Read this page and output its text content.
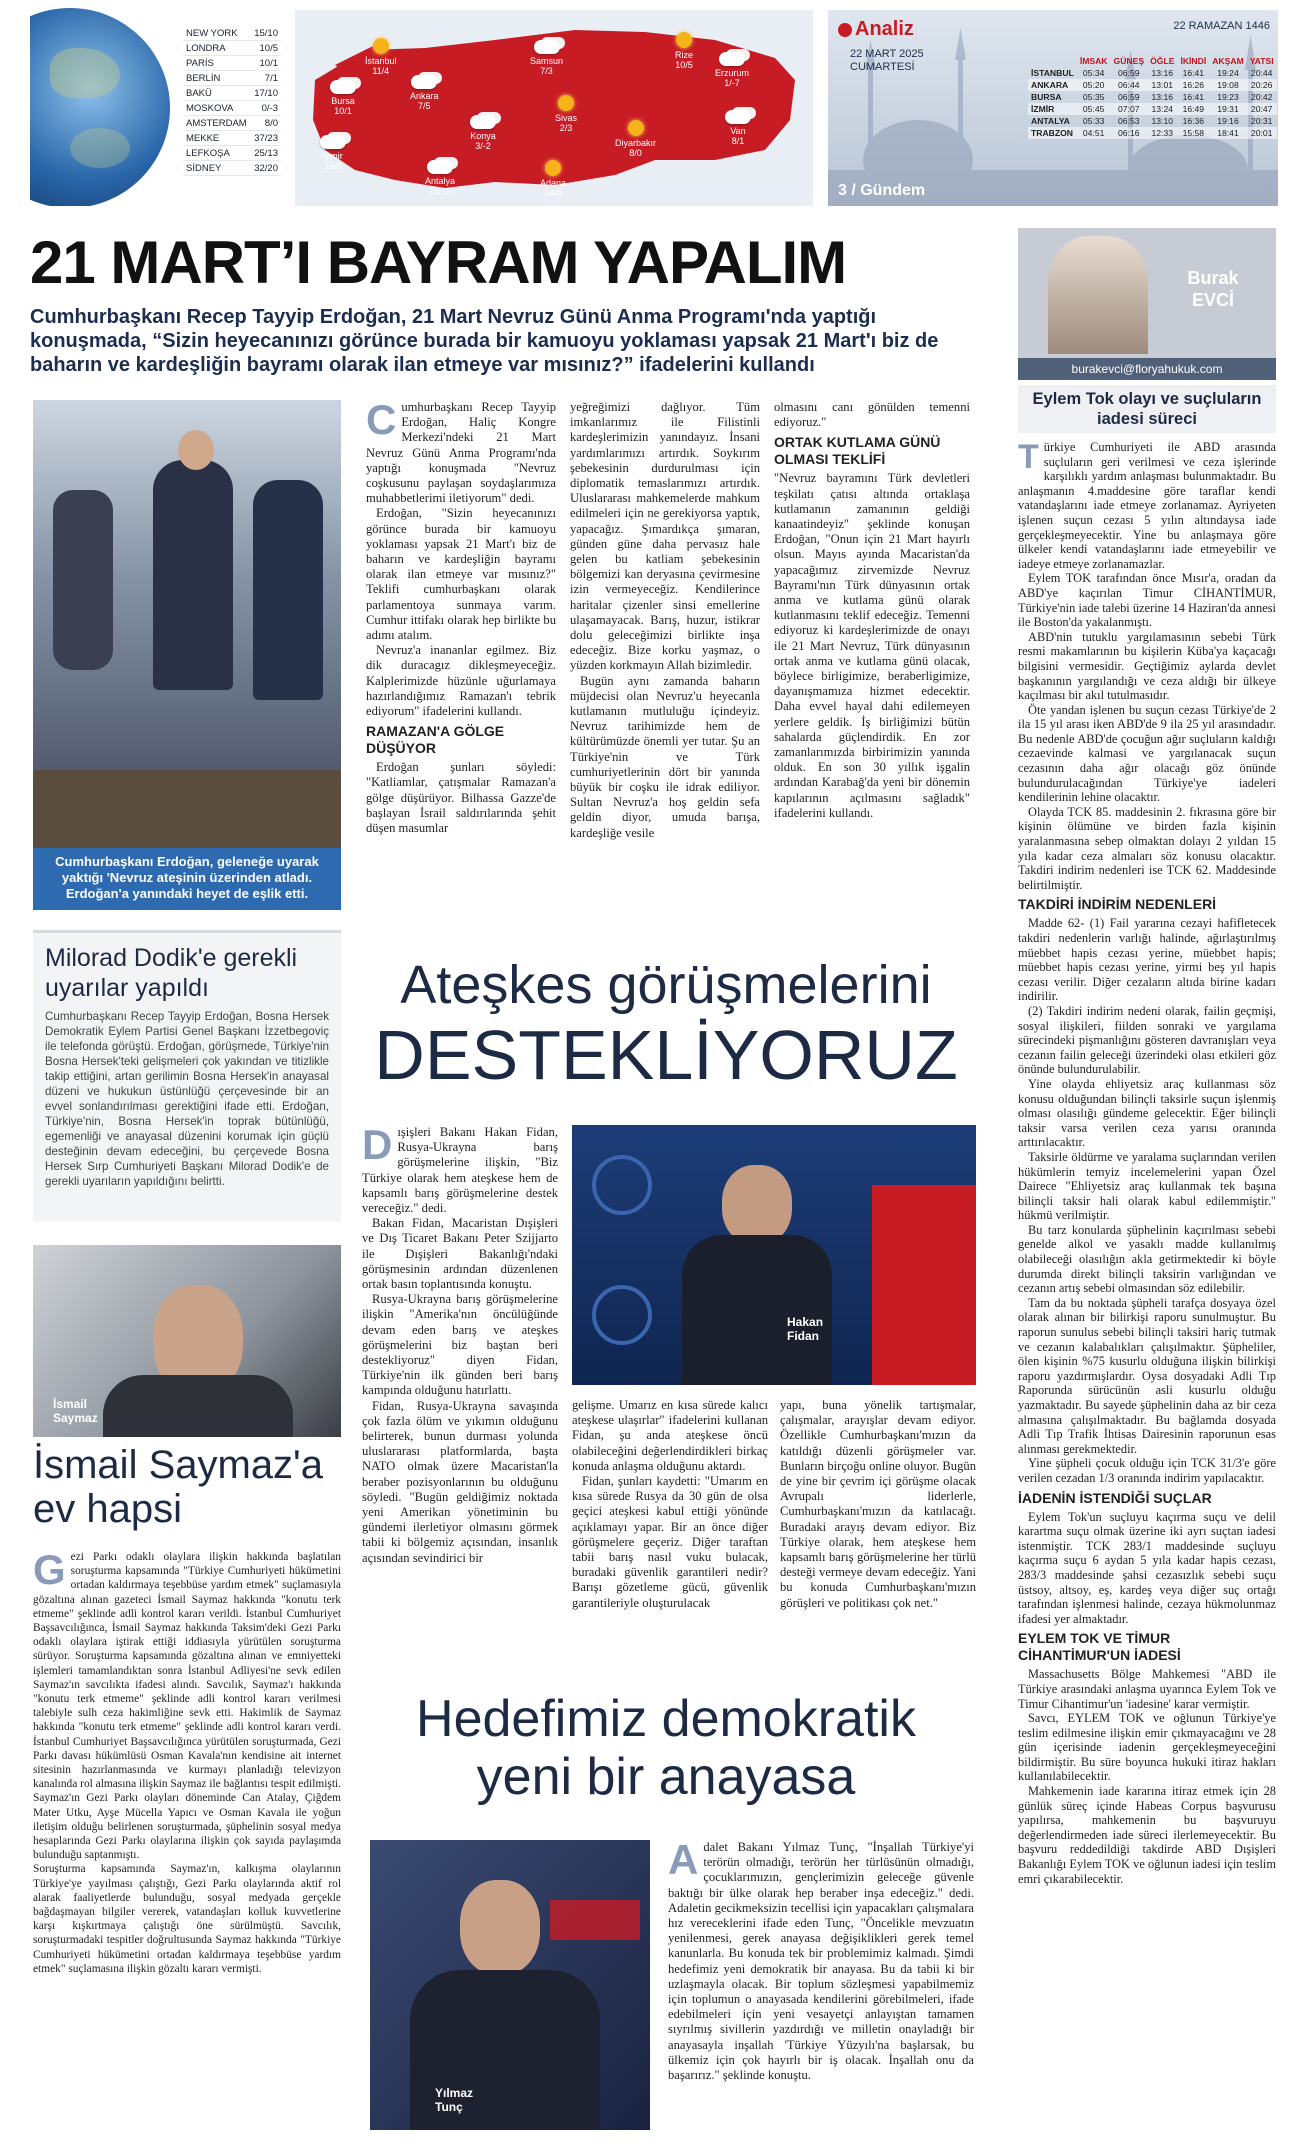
NEW YORK 15/10
LONDRA	10/5
PARİS	10/1
BERLİN	7/1
BAKÜ	17/10
MOSKOVA	0/-3
AMSTERDAM 8/0
MEKKE	37/23
LEFKOŞA	25/13
SİDNEY	32/20
İstanbul
11/4
Ankara
7/5
Samsun
7/3
Rize
10/5
Erzurum
1/-7
Bursa
10/1
Sivas
2/3
Konya
3/-2
İzmir
15/6
Diyarbakır
8/0
Van
8/1
Antalya
15/10
Adana
14/4
Analiz
22 MART 2025
CUMARTESİ
22 RAMAZAN 1446
	İMSAK	GÜNEŞ	ÖĞLE	İKİNDİ	AKŞAM	YATSI
İSTANBUL	05:34	06:59	13:16	16:41	19:24	20:44
ANKARA	05:20	06:44	13:01	16:26	19:08	20:26
BURSA	05:35	06:59	13:16	16:41	19:23	20:42
İZMİR	05:45	07:07	13:24	16:49	19:31	20:47
ANTALYA	05:33	06:53	13:10	16:36	19:16	20:31
TRABZON	04:51	06:16	12:33	15:58	18:41	20:01
3 / Gündem
21 MART’I BAYRAM YAPALIM
Cumhurbaşkanı Recep Tayyip Erdoğan, 21 Mart Nevruz Günü Anma Programı'nda yaptığı konuşmada, “Sizin heyecanınızı görünce burada bir kamuoyu yoklaması yapsak 21 Mart'ı biz de baharın ve kardeşliğin bayramı olarak ilan etmeye var mısınız?” ifadelerini kullandı
Cumhurbaşkanı Erdoğan, geleneğe uyarak yaktığı 'Nevruz ateşinin üzerinden atladı. Erdoğan'a yanındaki heyet de eşlik etti.
C umhurbaşkanı Recep Tayyip Erdoğan, Haliç Kongre Merkezi'ndeki 21 Mart Nevruz Günü Anma Programı'nda yaptığı konuşmada "Nevruz coşkusunu paylaşan soydaşlarımıza muhabbetlerimi iletiyorum" dedi.

Erdoğan, "Sizin heyecanınızı görünce burada bir kamuoyu yoklaması yapsak 21 Mart'ı biz de baharın ve kardeşliğin bayramı olarak ilan etmeye var mısınız?" Teklifi cumhurbaşkanı olarak parlamentoya sunmaya varım. Cumhur ittifakı olarak hep birlikte bu adımı atalım.

Nevruz'a inananlar egilmez. Biz dik duracagız dikleşmeyeceğiz. Kalplerimizde hüzünle uğurlamaya hazırlandığımız Ramazan'ı tebrik ediyorum" ifadelerini kullandı.

RAMAZAN'A GÖLGE DÜŞÜYOR

Erdoğan şunları söyledi: "Katliamlar, çatışmalar Ramazan'a gölge düşürüyor. Bilhassa Gazze'de başlayan İsrail saldırılarında şehit düşen masumlar

yeğreğimizi dağlıyor. Tüm imkanlarımız ile Filistinli kardeşlerimizin yanındayız. İnsani yardımlarımızı artırdık. Soykırım şebekesinin durdurulması için diplomatik temaslarımızı artırdık. Uluslararası mahkemelerde mahkum edilmeleri için ne gerekiyorsa yaptık, yapacağız. Şımardıkça şımaran, günden güne daha pervasız hale gelen bu katliam şebekesinin bölgemizi kan deryasına çevirmesine izin vermeyeceğiz. Kendilerince haritalar çizenler sinsi emellerine ulaşamayacak. Barış, huzur, istikrar dolu geleceğimizi birlikte inşa edeceğiz. Bize korku yaşmaz, o yüzden korkmayın Allah bizimledir.

Bugün aynı zamanda baharın müjdecisi olan Nevruz'u heyecanla kutlamanın mutluluğu içindeyiz. Nevruz tarihimizde hem de kültürümüzde önemli yer tutar. Şu an Türkiye'nin ve Türk cumhuriyetlerinin dört bir yanında büyük bir coşku ile idrak ediliyor. Sultan Nevruz'a hoş geldin sefa geldin diyor, umuda barışa, kardeşliğe vesile

olmasını canı gönülden temenni ediyoruz."

ORTAK KUTLAMA GÜNÜ OLMASI TEKLİFİ

"Nevruz bayramını Türk devletleri teşkilatı çatısı altında ortaklaşa kutlamanın zamanının geldiği kanaatindeyiz" şeklinde konuşan Erdoğan, "Onun için 21 Mart hayırlı olsun. Mayıs ayında Macaristan'da yapacağımız zirvemizde Nevruz Bayramı'nın Türk dünyasının ortak anma ve kutlama günü olarak kutlanmasını teklif edeceğiz. Temenni ediyoruz ki kardeşlerimizde de onayı ile 21 Mart Nevruz, Türk dünyasının ortak anma ve kutlama günü olacak, böylece birligimize, beraberligimize, dayanışmamıza hizmet edecektir. Daha evvel hayal dahi edilemeyen yerlere geldik. İş birliğimizi bütün sahalarda güçlendirdik. En zor zamanlarımızda birbirimizin yanında olduk. En son 30 yıllık işgalin ardından Karabağ'da yeni bir dönemin kapılarının açılmasını sağladık" ifadelerini kullandı.

Milorad Dodik'e gerekli uyarılar yapıldı

Cumhurbaşkanı Recep Tayyip Erdoğan, Bosna Hersek Demokratik Eylem Partisi Genel Başkanı İzzetbegoviç ile telefonda görüştü. Erdoğan, görüşmede, Türkiye'nin Bosna Hersek'teki gelişmeleri çok yakından ve titizlikle takip ettiğini, artan gerilimin Bosna Hersek'in anayasal düzeni ve hukukun üstünlüğü çerçevesinde bir an evvel sonlandırılması gerektiğini ifade etti. Erdoğan, Türkiye'nin, Bosna Hersek'in toprak bütünlüğü, egemenliği ve anayasal düzenini korumak için güçlü desteğinin devam edeceğini, bu çerçevede Bosna Hersek Sırp Cumhuriyeti Başkanı Milorad Dodik'e de gerekli uyarıların yapıldığını belirtti.

İsmail Saymaz
İsmail Saymaz'a ev hapsi
G ezi Parkı odaklı olaylara ilişkin hakkında başlatılan soruşturma kapsamında "Türkiye Cumhuriyeti hükümetini ortadan kaldırmaya teşebbüse yardım etmek" suçlamasıyla gözaltına alınan gazeteci İsmail Saymaz hakkında "konutu terk etmeme" şeklinde adli kontrol kararı verildi. İstanbul Cumhuriyet Başsavcılığınca, İsmail Saymaz hakkında Taksim'deki Gezi Parkı odaklı olaylara iştirak ettiği iddiasıyla yürütülen soruşturma sürüyor. Soruşturma kapsamında gözaltına alınan ve emniyetteki işlemleri tamamlandıktan sonra İstanbul Adliyesi'ne sevk edilen Saymaz'ın savcılıkta ifadesi alındı. Savcılık, Saymaz'ı hakkında "konutu terk etmeme" şeklinde adli kontrol kararı verilmesi talebiyle sulh ceza hakimliğine sevk etti. Hakimlik de Saymaz hakkında "konutu terk etmeme" şeklinde adli kontrol kararı verdi. İstanbul Cumhuriyet Başsavcılığınca yürütülen soruşturmada, Gezi Parkı davası hükümlüsü Osman Kavala'nın kendisine ait internet sitesinin hazırlanmasında ve kurmayı planladığı televizyon kanalında rol almasına ilişkin Saymaz ile bağlantısı tespit edilmişti. Saymaz'ın Gezi Parkı olayları döneminde Can Atalay, Çiğdem Mater Utku, Ayşe Mücella Yapıcı ve Osman Kavala ile yoğun iletişim olduğu belirlenen soruşturmada, şüphelinin sosyal medya hesaplarında Gezi Parkı olaylarına ilişkin çok sayıda paylaşımda bulunduğu saptanmıştı.

Soruşturma kapsamında Saymaz'ın, kalkışma olaylarının Türkiye'ye yayılması çalıştığı, Gezi Parkı olaylarında aktif rol alarak faaliyetlerde bulunduğu, sosyal medyada gerçekle bağdaşmayan bilgiler vererek, vatandaşları kolluk kuvvetlerine karşı kışkırtmaya çalıştığı öne sürülmüştü. Savcılık, soruşturmadaki tespitler doğrultusunda Saymaz hakkında "Türkiye Cumhuriyeti hükümetini ortadan kaldırmaya teşebbüse yardım etmek" suçlamasına ilişkin gözaltı kararı vermişti.

Ateşkes görüşmelerini
DESTEKLİYORUZ
D ışişleri Bakanı Hakan Fidan, Rusya-Ukrayna barış görüşmelerine ilişkin, "Biz Türkiye olarak hem ateşkese hem de kapsamlı barış görüşmelerine destek vereceğiz." dedi.

Bakan Fidan, Macaristan Dışişleri ve Dış Ticaret Bakanı Peter Szijjarto ile Dışişleri Bakanlığı'ndaki görüşmesinin ardından düzenlenen ortak basın toplantısında konuştu.

Rusya-Ukrayna barış görüşmelerine ilişkin "Amerika'nın öncülüğünde devam eden barış ve ateşkes görüşmelerini biz baştan beri destekliyoruz" diyen Fidan, Türkiye'nin ilk günden beri barış kampında olduğunu hatırlattı.

Fidan, Rusya-Ukrayna savaşında çok fazla ölüm ve yıkımın olduğunu belirterek, bunun durması yolunda uluslararası platformlarda, başta NATO olmak üzere Macaristan'la beraber pozisyonlarının bu olduğunu söyledi. "Bugün geldiğimiz noktada yeni Amerikan yönetiminin bu gündemi ilerletiyor olmasını görmek tabii ki bölgemiz açısından, insanlık açısından sevindirici bir

Hakan Fidan

gelişme. Umarız en kısa sürede kalıcı ateşkese ulaşırlar" ifadelerini kullanan Fidan, şu anda ateşkese öncü olabileceğini değerlendirdikleri birkaç konuda anlaşma olduğunu aktardı.

Fidan, şunları kaydetti: "Umarım en kısa sürede Rusya da 30 gün de olsa geçici ateşkesi kabul ettiği yönünde açıklamayı yapar. Bir an önce diğer görüşmelere geçeriz. Diğer taraftan tabii barış nasıl vuku bulacak, buradaki güvenlik garantileri nedir? Barışı gözetleme gücü, güvenlik garantileriyle oluşturulacak

yapı, buna yönelik tartışmalar, çalışmalar, arayışlar devam ediyor. Özellikle Cumhurbaşkanı'mızın da katıldığı düzenli görüşmeler var. Bunların birçoğu online oluyor. Bugün de yine bir çevrim içi görüşme olacak Avrupalı liderlerle, Cumhurbaşkanı'mızın da katılacağı. Buradaki arayış devam ediyor. Biz Türkiye olarak, hem ateşkese hem kapsamlı barış görüşmelerine her türlü desteği vermeye devam edeceğiz. Yani bu konuda Cumhurbaşkanı'mızın görüşleri ve politikası çok net."

Hedefimiz demokratik
yeni bir anayasa
Yılmaz Tunç
A dalet Bakanı Yılmaz Tunç, "İnşallah Türkiye'yi terörün olmadığı, terörün her türlüsünün olmadığı, çocuklarımızın, gençlerimizin geleceğe güvenle baktığı bir ülke olarak hep beraber inşa edeceğiz." dedi. Adaletin gecikmeksizin tecellisi için yapacakları çalışmalara hız vereceklerini ifade eden Tunç, "Öncelikle mevzuatın yenilenmesi, gerek anayasa değişiklikleri gerek temel kanunlarla. Bu konuda tek bir problemimiz kalmadı. Şimdi hedefimiz yeni demokratik bir anayasa. Bu da tabii ki bir uzlaşmayla olacak. Bir toplum sözleşmesi yapabilmemiz için toplumun o anayasada kendilerini görebilmeleri, ifade edebilmeleri için yeni vesayetçi anlayıştan tamamen sıyrılmış sivillerin yazdırdığı ve milletin onayladığı bir anayasayla inşallah 'Türkiye Yüzyılı'na başlarsak, bu ülkemiz için çok hayırlı bir iş olacak. İnşallah onu da başarırız." şeklinde konuştu.

Burak
EVCİ
burakevci@floryahukuk.com
Eylem Tok olayı ve suçluların iadesi süreci
T ürkiye Cumhuriyeti ile ABD arasında suçluların geri verilmesi ve ceza işlerinde karşılıklı yardım anlaşması bulunmaktadır. Bu anlaşmanın 4.maddesine göre taraflar kendi vatandaşlarını iade etmeye zorlanamaz. Ayriyeten işlenen suçun cezası 5 yılın altındaysa iade gerçekleşmeyecektir. Yine bu anlaşmaya göre ülkeler kendi vatandaşlarını iade etmeyebilir ve iadeye etmeye zorlanamazlar.

Eylem TOK tarafından önce Mısır'a, oradan da ABD'ye kaçırılan Timur CİHANTİMUR, Türkiye'nin iade talebi üzerine 14 Haziran'da annesi ile Boston'da yakalanmıştı.

ABD'nin tutuklu yargılamasının sebebi Türk resmi makamlarının bu kişilerin Küba'ya kaçacağı bilgisini vermesidir. Geçtiğimiz aylarda devlet başkanının yargılandığı ve ceza aldığı bir ülkeye kaçılması bir akıl tutulmasıdır.

Öte yandan işlenen bu suçun cezası Türkiye'de 2 ila 15 yıl arası iken ABD'de 9 ila 25 yıl arasındadır. Bu nedenle ABD'de çocuğun ağır suçluların kaldığı cezaevinde kalmasi ve yargılanacak suçun cezasının daha ağır olacağı göz önünde bulundurulacağından Türkiye'ye iadeleri kendilerinin lehine olacaktır.

Olayda TCK 85. maddesinin 2. fıkrasına göre bir kişinin ölümüne ve birden fazla kişinin yaralanmasına sebep olmaktan dolayı 2 yıldan 15 yıla kadar ceza almaları söz konusu olacaktır. Takdiri indirim nedenleri ise TCK 62. Maddesinde belirtilmiştir.

TAKDİRİ İNDİRİM NEDENLERİ

Madde 62- (1) Fail yararına cezayi hafifletecek takdiri nedenlerin varlığı halinde, ağırlaştırılmış müebbet hapis cezası yerine, müebbet hapis; müebbet hapis cezası yerine, yirmi beş yıl hapis cezası verilir. Diğer cezaların altıda birine kadarı indirilir.

(2) Takdiri indirim nedeni olarak, failin geçmişi, sosyal ilişkileri, fiilden sonraki ve yargılama sürecindeki pişmanlığını gösteren davranışları veya cezanın failin geleceği üzerindeki olası etkileri göz önünde bulundurulabilir.

Yine olayda ehliyetsiz araç kullanması söz konusu olduğundan bilinçli taksirle suçun işlenmiş olması olasılığı gündeme gelecektir. Eğer bilinçli taksir varsa verilen ceza yarısı oranında arttırılacaktır.

Taksirle öldürme ve yaralama suçlarından verilen hükümlerin temyiz incelemelerini yapan Özel Dairece "Ehliyetsiz araç kullanmak tek başına bilinçli taksir hali olarak kabul edilemmiştir." hükmü verilmiştir.

Bu tarz konularda şüphelinin kaçırılması sebebi genelde alkol ve yasaklı madde kullanılmış olabileceği olasılığın akla getirmektedir ki böyle durumda direkt bilinçli taksirin varlığından ve cezanın artış sebebi olmasından söz edilebilir.

Tam da bu noktada şüpheli tarafça dosyaya özel olarak alınan bir bilirkişi raporu sunulmuştur. Bu raporun sunulus sebebi bilinçli taksiri hariç tutmak ve cezanın kalabalıkları çalışılmaktır. Şüpheliler, ölen kişinin %75 kusurlu olduğuna ilişkin bilirkişi raporu yazdırmışlardır. Oysa dosyadaki Adli Tıp Raporunda sürücünün asli kusurlu olduğu yazmaktadır. Bu sayede şüphelinin daha az bir ceza almasına çalışılmaktadır. Bu bağlamda dosyada Adli Tıp Trafik İhtisas Dairesinin raporunun esas alınması gerekmektedir.

Yine şüpheli çocuk olduğu için TCK 31/3'e göre verilen cezadan 1/3 oranında indirim yapılacaktır.

İADENİN İSTENDİĞİ SUÇLAR

Eylem Tok'un suçluyu kaçırma suçu ve delil karartma suçu olmak üzerine iki ayrı suçtan iadesi istenmiştir. TCK 283/1 maddesinde suçluyu kaçırma suçu 6 aydan 5 yıla kadar hapis cezası, 283/3 maddesinde şahsi cezasızlık sebebi suçu üstsoy, altsoy, eş, kardeş veya diğer suç ortağı tarafından işlenmesi halinde, cezaya hükmolunmaz ifadesi yer almaktadır.

EYLEM TOK VE TİMUR CİHANTİMUR'UN İADESİ

Massachusetts Bölge Mahkemesi "ABD ile Türkiye arasındaki anlaşma uyarınca Eylem Tok ve Timur Cihantimur'un 'iadesine' karar vermiştir.

Savcı, EYLEM TOK ve oğlunun Türkiye'ye teslim edilmesine ilişkin emir çıkmayacağını ve 28 gün içerisinde iadenin gerçekleşmeyeceğini bildirmiştir. Bu süre boyunca hukuki itiraz hakları kullanılabilecektir.

Mahkemenin iade kararına itiraz etmek için 28 günlük süreç içinde Habeas Corpus başvurusu yapılırsa, mahkemenin bu başvuruyu değerlendirmeden iade süreci ilerlemeyecektir. Bu başvuru reddedildiği takdirde ABD Dışişleri Bakanlığı Eylem TOK ve oğlunun iadesi için teslim emri çıkarabilecektir.
